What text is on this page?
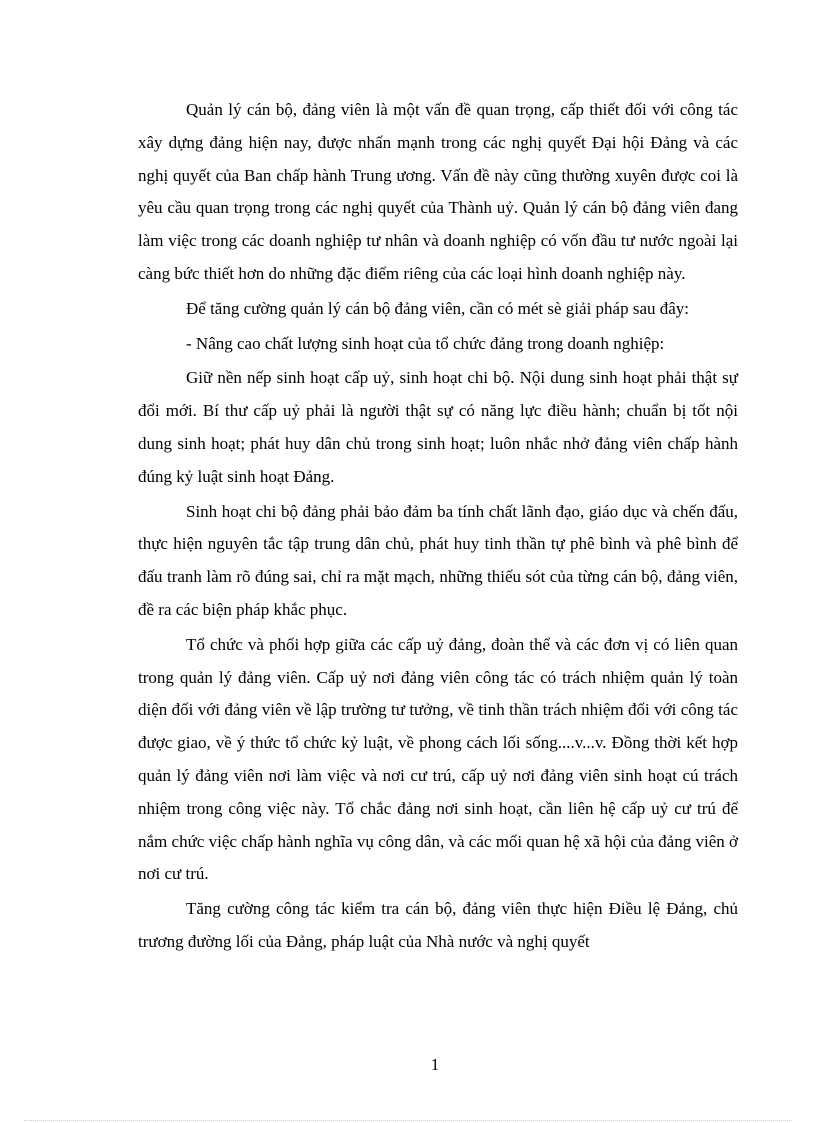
Quản lý cán bộ, đảng viên là một vấn đề quan trọng, cấp thiết đối với công tác xây dựng đảng hiện nay, được nhấn mạnh trong các nghị quyết Đại hội Đảng và các nghị quyết của Ban chấp hành Trung ương. Vấn đề này cũng thường xuyên được coi là yêu cầu quan trọng trong các nghị quyết của Thành uỷ. Quản lý cán bộ đảng viên đang làm việc trong các doanh nghiệp tư nhân và doanh nghiệp có vốn đầu tư nước ngoài lại càng bức thiết hơn do những đặc điểm riêng của các loại hình doanh nghiệp này.

Để tăng cường quản lý cán bộ đảng viên, cần có mét sè giải pháp sau đây:

- Nâng cao chất lượng sinh hoạt của tổ chức đảng trong doanh nghiệp:

Giữ nền nếp sinh hoạt cấp uỷ, sinh hoạt chi bộ. Nội dung sinh hoạt phải thật sự đổi mới. Bí thư cấp uỷ phải là người thật sự có năng lực điều hành; chuẩn bị tốt nội dung sinh hoạt; phát huy dân chủ trong sinh hoạt; luôn nhắc nhở đảng viên chấp hành đúng kỷ luật sinh hoạt Đảng.

Sinh hoạt chi bộ đảng phải bảo đảm ba tính chất lãnh đạo, giáo dục và chến đấu, thực hiện nguyên tắc tập trung dân chủ, phát huy tinh thần tự phê bình và phê bình để đấu tranh làm rõ đúng sai, chỉ ra mặt mạch, những thiếu sót của từng cán bộ, đảng viên, đề ra các biện pháp khắc phục.

Tổ chức và phối hợp giữa các cấp uỷ đảng, đoàn thể và các đơn vị có liên quan trong quản lý đảng viên. Cấp uỷ nơi đảng viên công tác có trách nhiệm quản lý toàn diện đối với đảng viên về lập trường tư tưởng, về tinh thần trách nhiệm đối với công tác được giao, về ý thức tổ chức kỷ luật, về phong cách lối sống....v...v. Đồng thời kết hợp quản lý đảng viên nơi làm việc và nơi cư trú, cấp uỷ nơi đảng viên sinh hoạt cú trách nhiệm trong công việc này. Tổ chắc đảng nơi sinh hoạt, cần liên hệ cấp uỷ cư trú để nắm chức việc chấp hành nghĩa vụ công dân, và các mối quan hệ xã hội của đảng viên ở nơi cư trú.

Tăng cường công tác kiểm tra cán bộ, đảng viên thực hiện Điều lệ Đảng, chủ trương đường lối của Đảng, pháp luật của Nhà nước và nghị quyết

1
